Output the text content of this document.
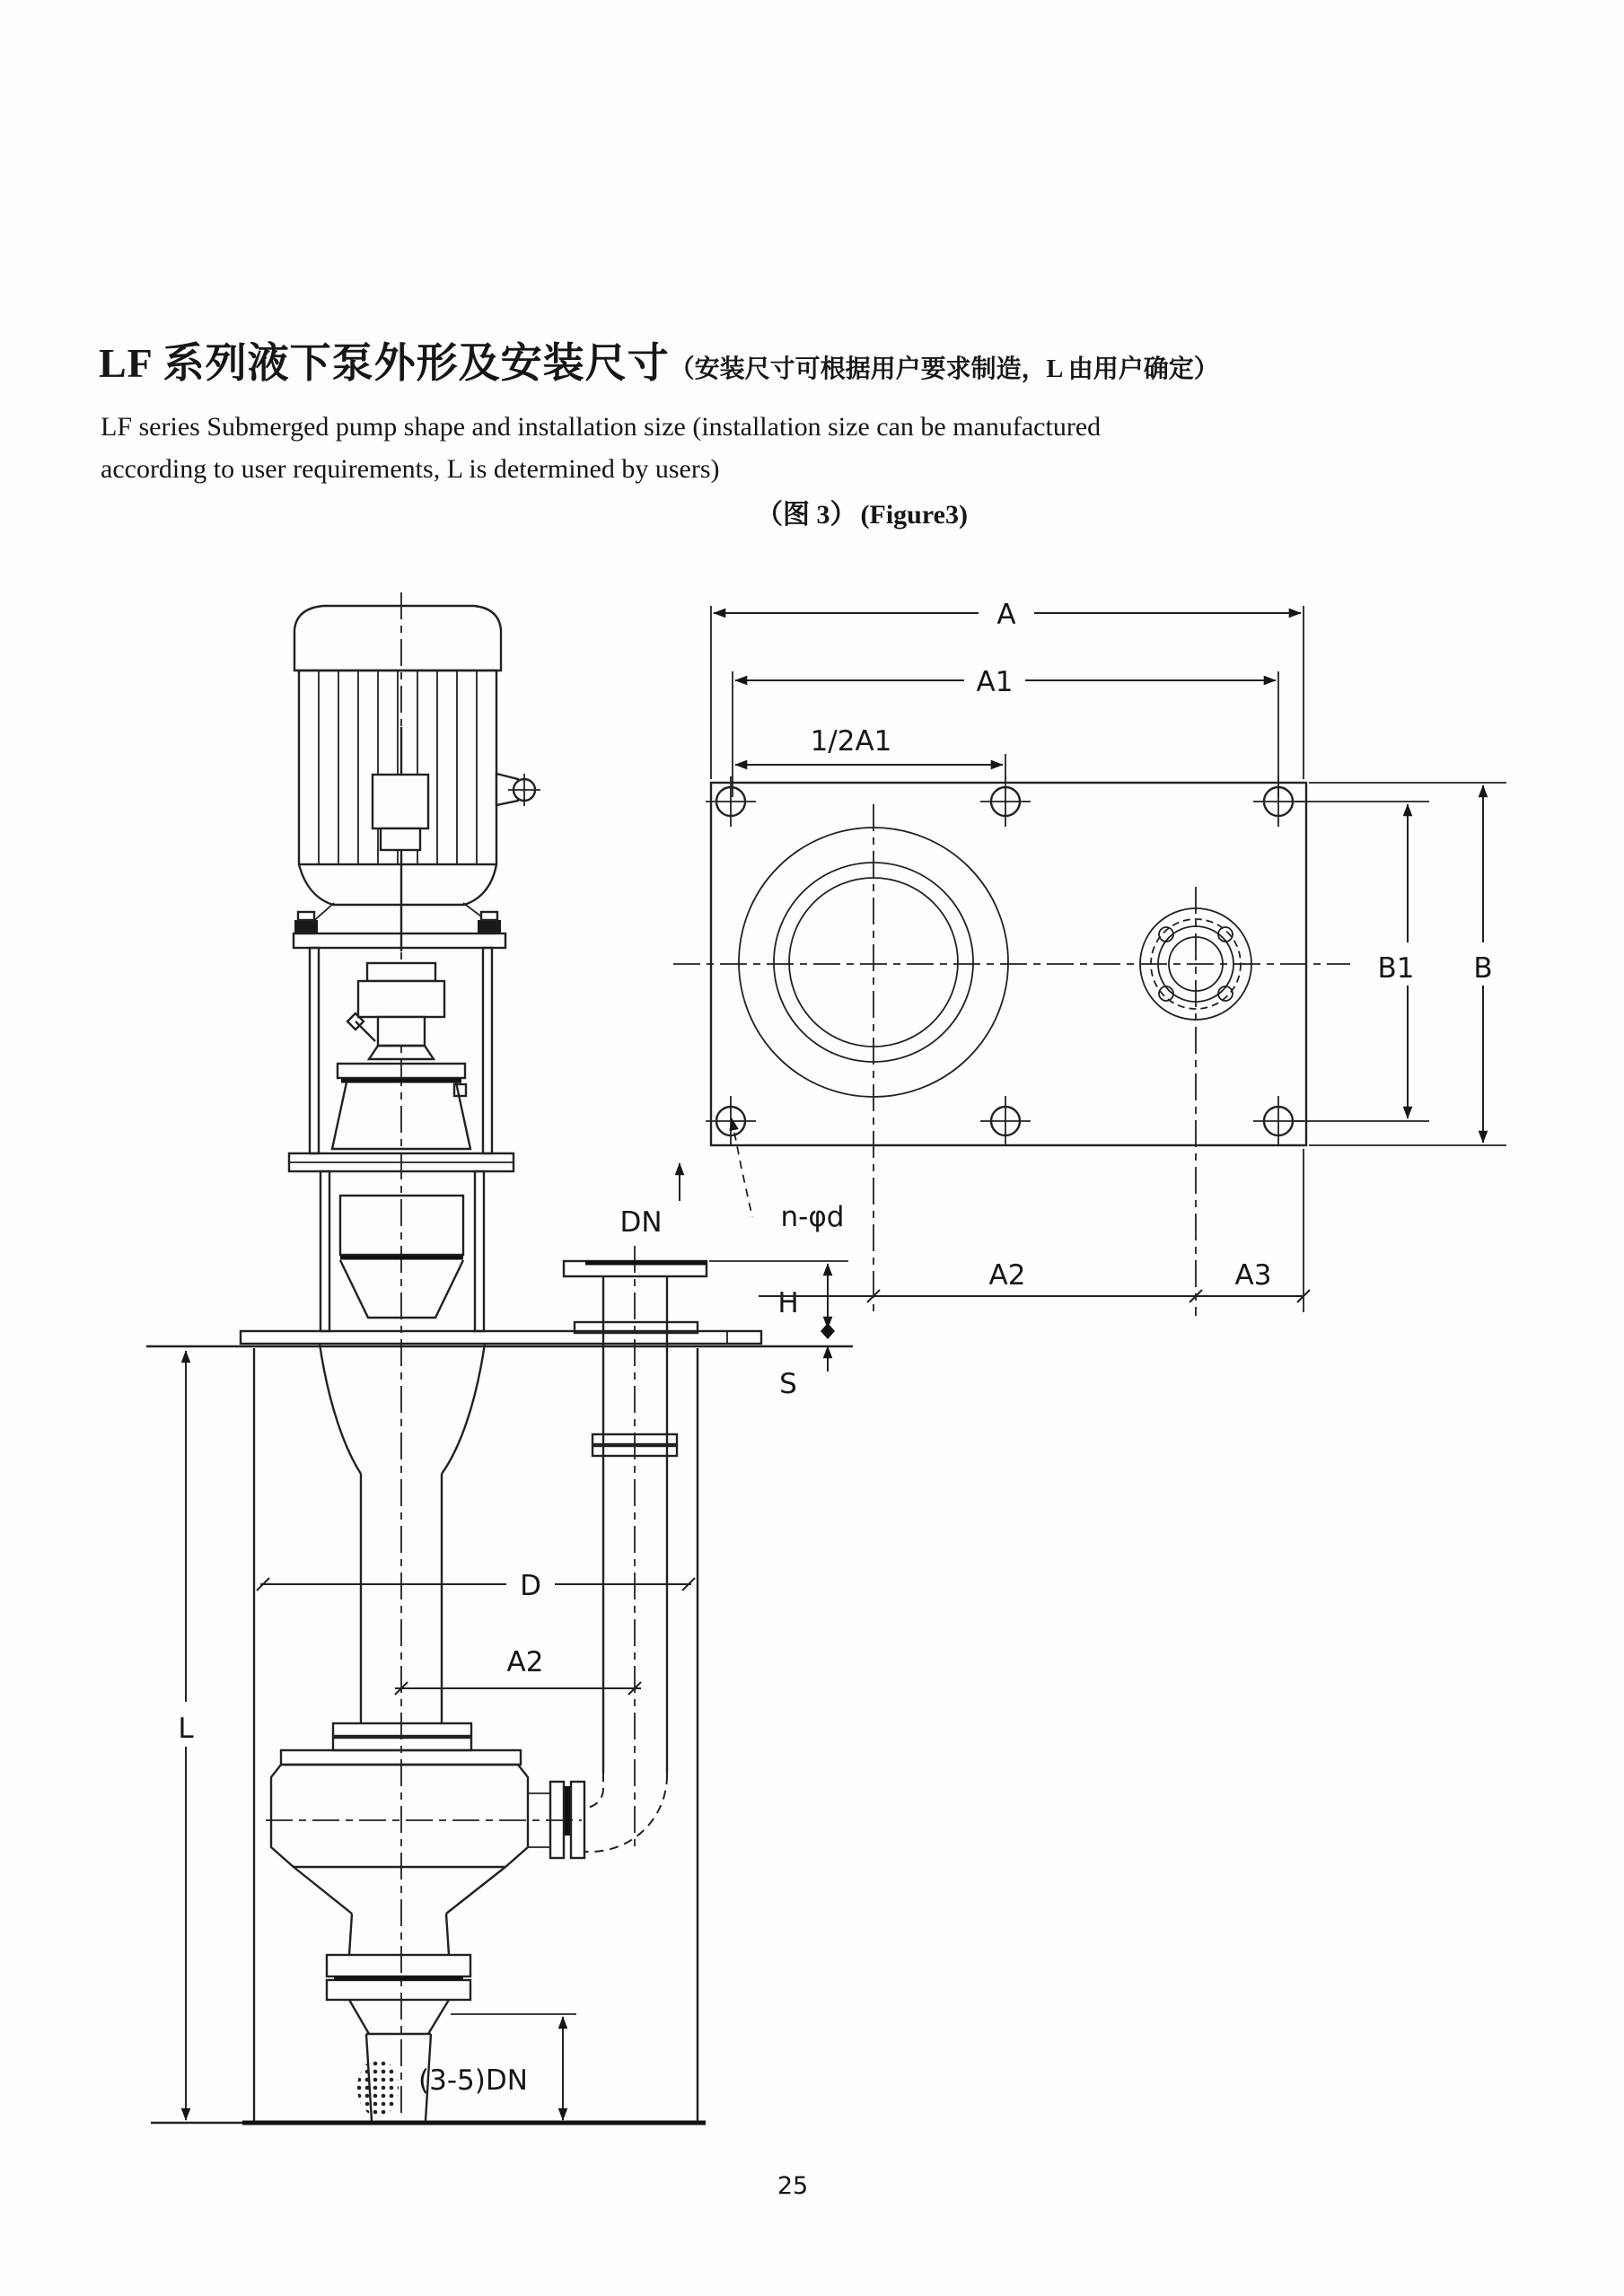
LF 系列液下泵外形及安装尺寸（安装尺寸可根据用户要求制造，L 由用户确定）
LF series Submerged pump shape and installation size (installation size can be manufactured
according to user requirements, L is determined by users)
（图 3） (Figure3)
25
DN
H
S
L
D
A2
(3-5)DN
A
A1
1/2A1
B
B1
A2	A3
n-φd
